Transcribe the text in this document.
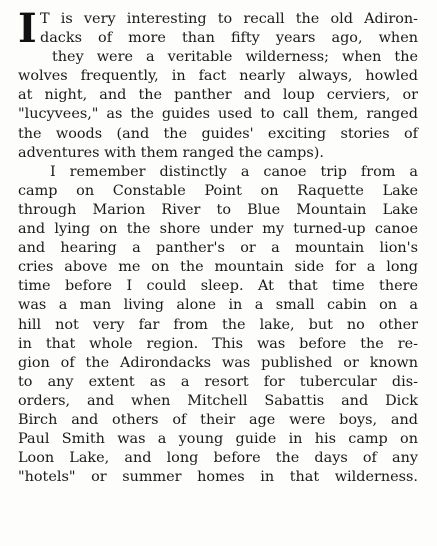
I T is very interesting to recall the old Adiron-
dacks of more than fifty years ago, when
they were a veritable wilderness; when the
wolves frequently, in fact nearly always, howled
at night, and the panther and loup cerviers, or
"lucyvees," as the guides used to call them, ranged
the woods (and the guides' exciting stories of
adventures with them ranged the camps).
I remember distinctly a canoe trip from a
camp on Constable Point on Raquette Lake
through Marion River to Blue Mountain Lake
and lying on the shore under my turned-up canoe
and hearing a panther's or a mountain lion's
cries above me on the mountain side for a long
time before I could sleep. At that time there
was a man living alone in a small cabin on a
hill not very far from the lake, but no other
in that whole region. This was before the re-
gion of the Adirondacks was published or known
to any extent as a resort for tubercular dis-
orders, and when Mitchell Sabattis and Dick
Birch and others of their age were boys, and
Paul Smith was a young guide in his camp on
Loon Lake, and long before the days of any
"hotels" or summer homes in that wilderness.
